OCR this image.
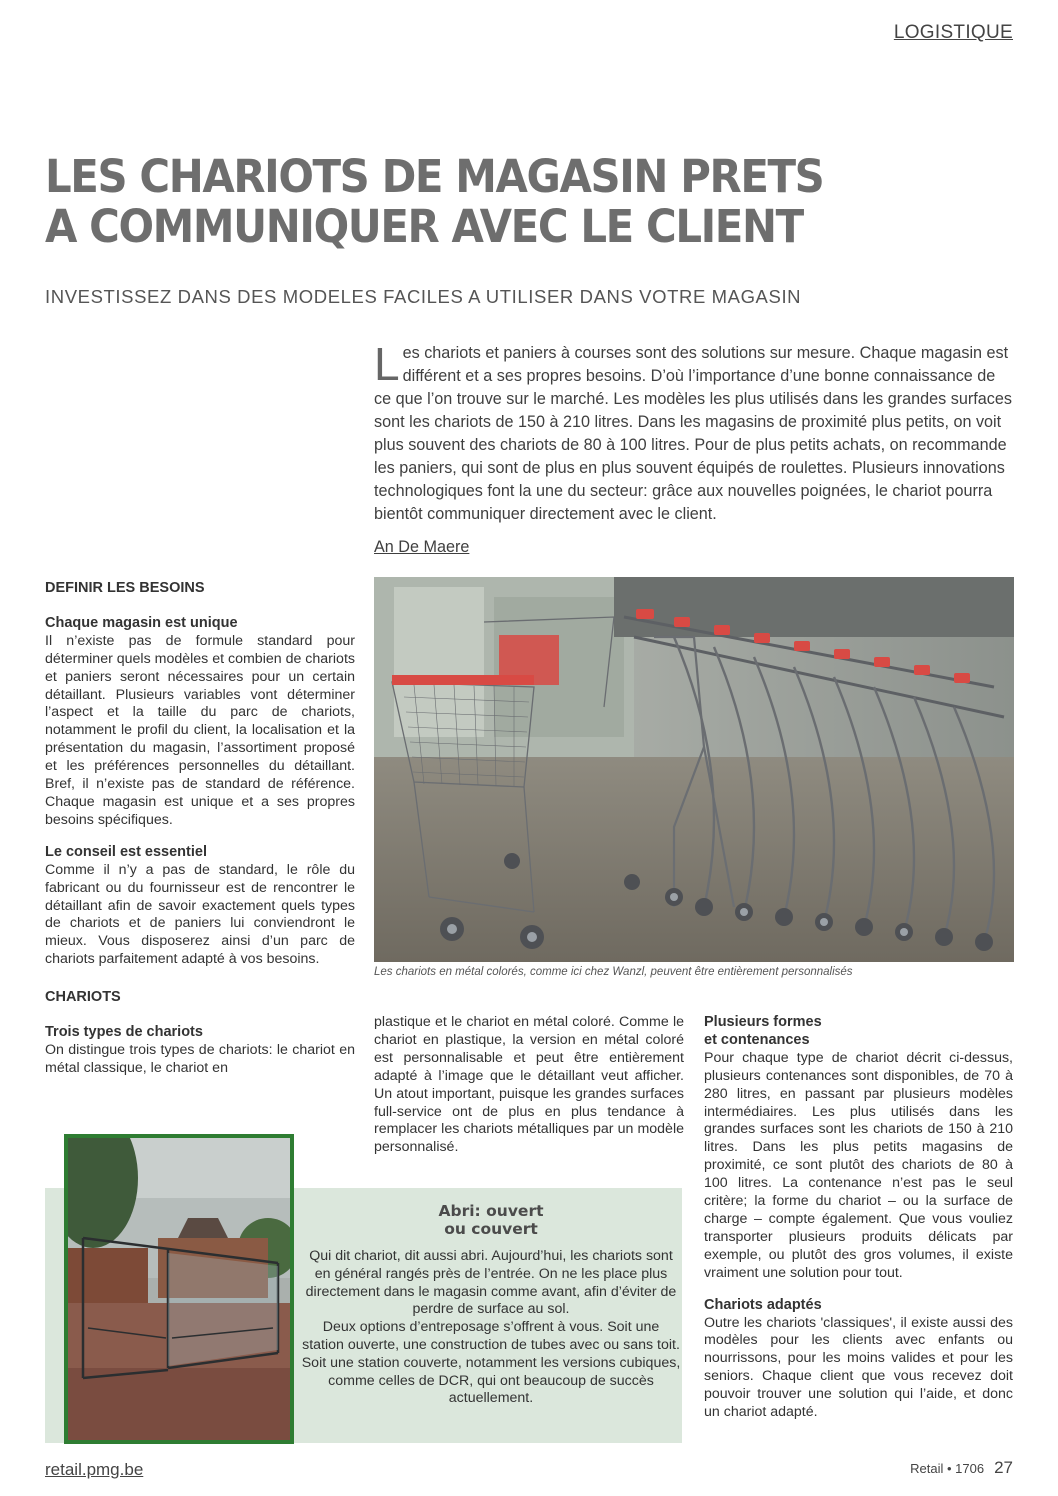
LOGISTIQUE
LES CHARIOTS DE MAGASIN PRETS
A COMMUNIQUER AVEC LE CLIENT
INVESTISSEZ DANS DES MODELES FACILES A UTILISER DANS VOTRE MAGASIN
Les chariots et paniers à courses sont des solutions sur mesure. Chaque magasin est différent et a ses propres besoins. D’où l’importance d’une bonne connaissance de ce que l’on trouve sur le marché. Les modèles les plus utilisés dans les grandes surfaces sont les chariots de 150 à 210 litres. Dans les magasins de proximité plus petits, on voit plus souvent des chariots de 80 à 100 litres. Pour de plus petits achats, on recommande les paniers, qui sont de plus en plus souvent équipés de roulettes. Plusieurs innovations technologiques font la une du secteur: grâce aux nouvelles poignées, le chariot pourra bientôt communiquer directement avec le client.
An De Maere
DEFINIR LES BESOINS
Chaque magasin est unique

Il n’existe pas de formule standard pour déterminer quels modèles et combien de chariots et paniers seront nécessaires pour un certain détaillant. Plusieurs variables vont déterminer l’aspect et la taille du parc de chariots, notamment le profil du client, la localisation et la présentation du magasin, l’assortiment proposé et les préférences personnelles du détaillant. Bref, il n’existe pas de standard de référence. Chaque magasin est unique et a ses propres besoins spécifiques.

Le conseil est essentiel

Comme il n’y a pas de standard, le rôle du fabricant ou du fournisseur est de rencontrer le détaillant afin de savoir exactement quels types de chariots et de paniers lui conviendront le mieux. Vous disposerez ainsi d’un parc de chariots parfaitement adapté à vos besoins.

CHARIOTS
Trois types de chariots

On distingue trois types de chariots: le chariot en métal classique, le chariot en

Les chariots en métal colorés, comme ici chez Wanzl, peuvent être entièrement personnalisés

plastique et le chariot en métal coloré. Comme le chariot en plastique, la version en métal coloré est personnalisable et peut être entièrement adapté à l’image que le détaillant veut afficher. Un atout important, puisque les grandes surfaces full-service ont de plus en plus tendance à remplacer les chariots métalliques par un modèle personnalisé.

Plusieurs formes
et contenances

Pour chaque type de chariot décrit ci-dessus, plusieurs contenances sont disponibles, de 70 à 280 litres, en passant par plusieurs modèles intermédiaires. Les plus utilisés dans les grandes surfaces sont les chariots de 150 à 210 litres. Dans les plus petits magasins de proximité, ce sont plutôt des chariots de 80 à 100 litres. La contenance n’est pas le seul critère; la forme du chariot – ou la surface de charge – compte également. Que vous vouliez transporter plusieurs produits délicats par exemple, ou plutôt des gros volumes, il existe vraiment une solution pour tout.

Chariots adaptés

Outre les chariots 'classiques', il existe aussi des modèles pour les clients avec enfants ou nourrissons, pour les moins valides et pour les seniors. Chaque client que vous recevez doit pouvoir trouver une solution qui l’aide, et donc un chariot adapté.

Abri: ouvert
ou couvert
Qui dit chariot, dit aussi abri. Aujourd’hui, les chariots sont en général rangés près de l’entrée. On ne les place plus directement dans le magasin comme avant, afin d’éviter de perdre de surface au sol.
Deux options d’entreposage s’offrent à vous. Soit une station ouverte, une construction de tubes avec ou sans toit. Soit une station couverte, notamment les versions cubiques, comme celles de DCR, qui ont beaucoup de succès actuellement.
retail.pmg.be	Retail • 1706 27
